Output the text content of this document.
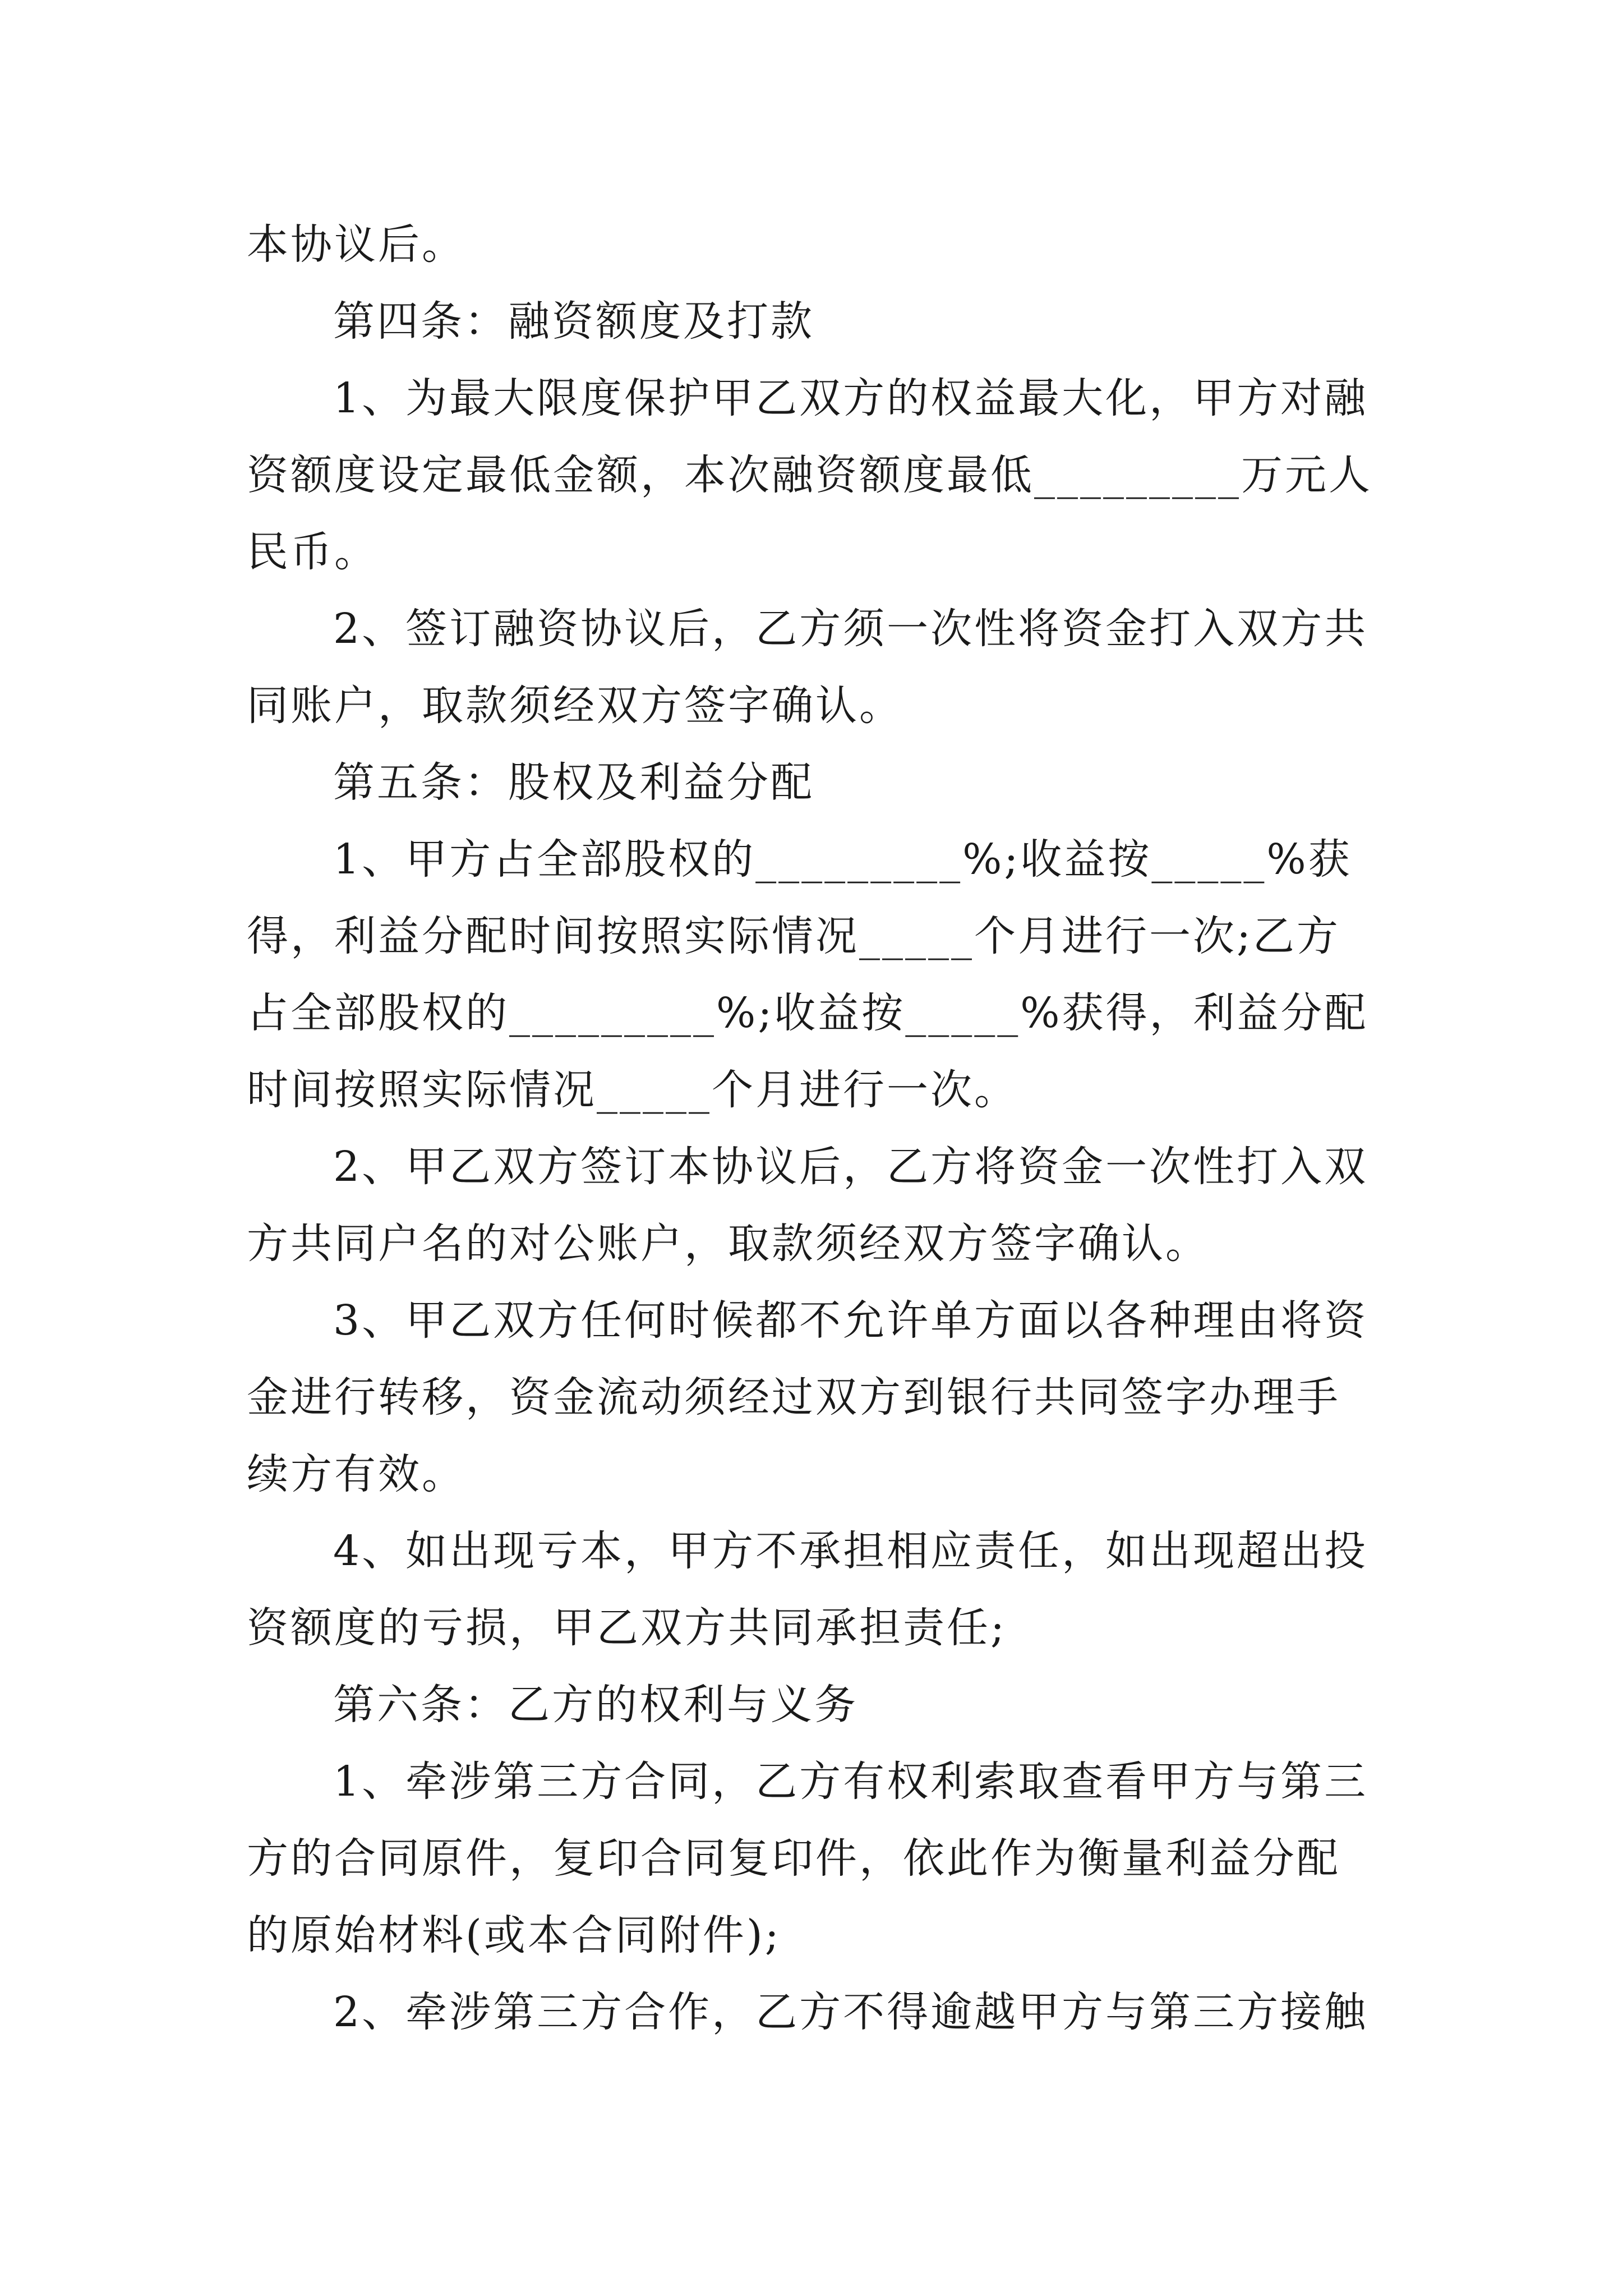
本协议后。

第四条：融资额度及打款

1、为最大限度保护甲乙双方的权益最大化，甲方对融资额度设定最低金额，本次融资额度最低_________万元人民币。

2、签订融资协议后，乙方须一次性将资金打入双方共同账户，取款须经双方签字确认。

第五条：股权及利益分配

1、甲方占全部股权的_________%;收益按_____%获得，利益分配时间按照实际情况_____个月进行一次;乙方占全部股权的_________%;收益按_____%获得，利益分配时间按照实际情况_____个月进行一次。

2、甲乙双方签订本协议后，乙方将资金一次性打入双方共同户名的对公账户，取款须经双方签字确认。

3、甲乙双方任何时候都不允许单方面以各种理由将资金进行转移，资金流动须经过双方到银行共同签字办理手续方有效。

4、如出现亏本，甲方不承担相应责任，如出现超出投资额度的亏损，甲乙双方共同承担责任;

第六条：乙方的权利与义务

1、牵涉第三方合同，乙方有权利索取查看甲方与第三方的合同原件，复印合同复印件，依此作为衡量利益分配的原始材料(或本合同附件);

2、牵涉第三方合作，乙方不得逾越甲方与第三方接触
